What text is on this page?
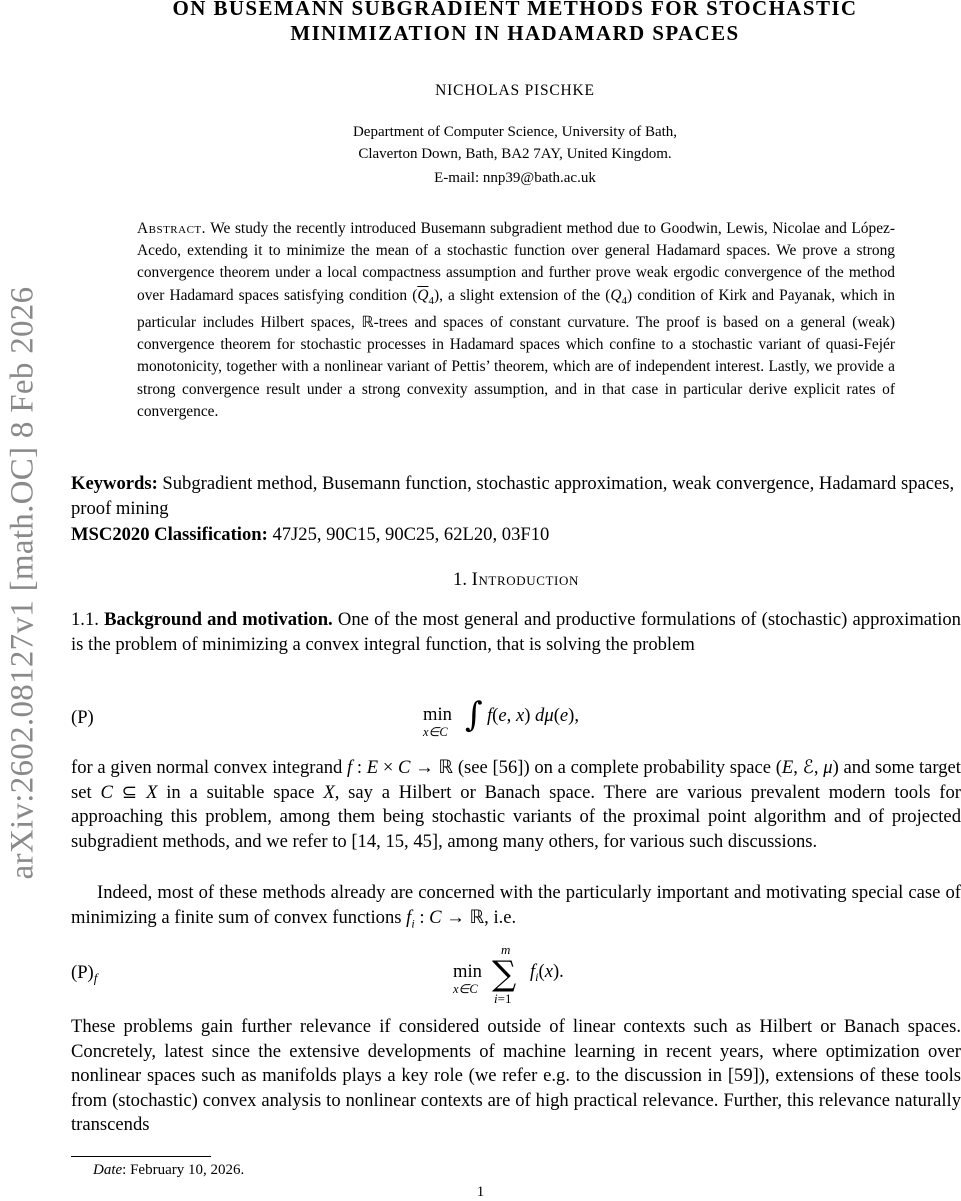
arXiv:2602.08127v1 [math.OC] 8 Feb 2026
ON BUSEMANN SUBGRADIENT METHODS FOR STOCHASTIC
MINIMIZATION IN HADAMARD SPACES
NICHOLAS PISCHKE
Department of Computer Science, University of Bath,
Claverton Down, Bath, BA2 7AY, United Kingdom.
E-mail: nnp39@bath.ac.uk
Abstract. We study the recently introduced Busemann subgradient method due to Goodwin, Lewis, Nicolae and López-Acedo, extending it to minimize the mean of a stochastic function over general Hadamard spaces. We prove a strong convergence theorem under a local compactness assumption and further prove weak ergodic convergence of the method over Hadamard spaces satisfying condition $(\overline{Q}_4)$, a slight extension of the $(Q_4)$ condition of Kirk and Payanak, which in particular includes Hilbert spaces, ℝ-trees and spaces of constant curvature. The proof is based on a general (weak) convergence theorem for stochastic processes in Hadamard spaces which confine to a stochastic variant of quasi-Fejér monotonicity, together with a nonlinear variant of Pettis’ theorem, which are of independent interest. Lastly, we provide a strong convergence result under a strong convexity assumption, and in that case in particular derive explicit rates of convergence.
Keywords: Subgradient method, Busemann function, stochastic approximation, weak convergence, Hadamard spaces, proof mining
MSC2020 Classification: 47J25, 90C15, 90C25, 62L20, 03F10
1. Introduction
1.1. Background and motivation. One of the most general and productive formulations of (stochastic) approximation is the problem of minimizing a convex integral function, that is solving the problem
(P)	min
x∈C ∫ f(e, x) dμ(e),
for a given normal convex integrand f : E × C → ℝ (see [56]) on a complete probability space (E, ℰ, μ) and some target set C ⊆ X in a suitable space X, say a Hilbert or Banach space. There are various prevalent modern tools for approaching this problem, among them being stochastic variants of the proximal point algorithm and of projected subgradient methods, and we refer to [14, 15, 45], among many others, for various such discussions.
Indeed, most of these methods already are concerned with the particularly important and motivating special case of minimizing a finite sum of convex functions $f_i$ : C → ℝ, i.e.
$(P)_f$	min
x∈C
m
∑
i=1
$f_i(x)$.
These problems gain further relevance if considered outside of linear contexts such as Hilbert or Banach spaces. Concretely, latest since the extensive developments of machine learning in recent years, where optimization over nonlinear spaces such as manifolds plays a key role (we refer e.g. to the discussion in [59]), extensions of these tools from (stochastic) convex analysis to nonlinear contexts are of high practical relevance. Further, this relevance naturally transcends
Date: February 10, 2026.
1
